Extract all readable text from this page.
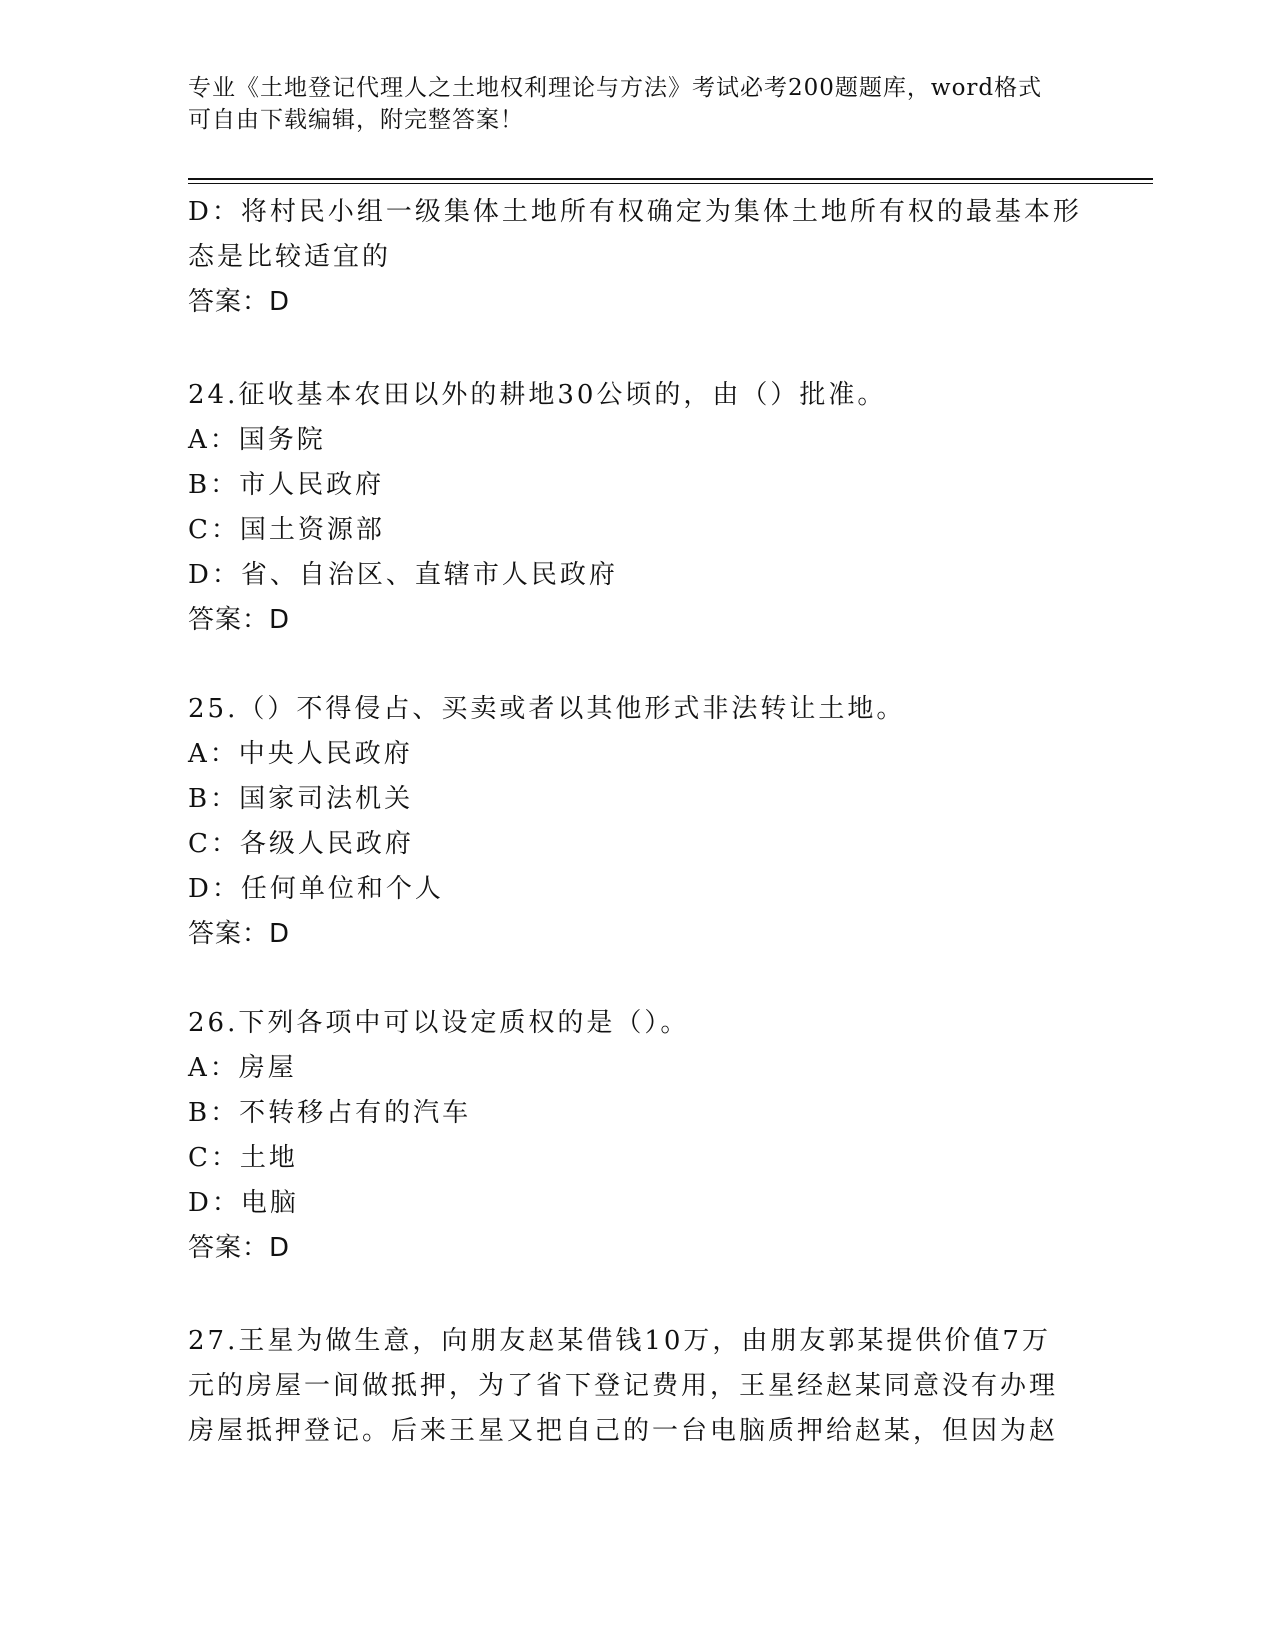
专业《土地登记代理人之土地权利理论与方法》考试必考200题题库，word格式
可自由下载编辑，附完整答案！
D：将村民小组一级集体土地所有权确定为集体土地所有权的最基本形
态是比较适宜的
答案：D
24.征收基本农田以外的耕地30公顷的，由（）批准。
A：国务院
B：市人民政府
C：国土资源部
D：省、自治区、直辖市人民政府
答案：D
25.（）不得侵占、买卖或者以其他形式非法转让土地。
A：中央人民政府
B：国家司法机关
C：各级人民政府
D：任何单位和个人
答案：D
26.下列各项中可以设定质权的是（）。
A：房屋
B：不转移占有的汽车
C：土地
D：电脑
答案：D
27.王星为做生意，向朋友赵某借钱10万，由朋友郭某提供价值7万
元的房屋一间做抵押，为了省下登记费用，王星经赵某同意没有办理
房屋抵押登记。后来王星又把自己的一台电脑质押给赵某，但因为赵
